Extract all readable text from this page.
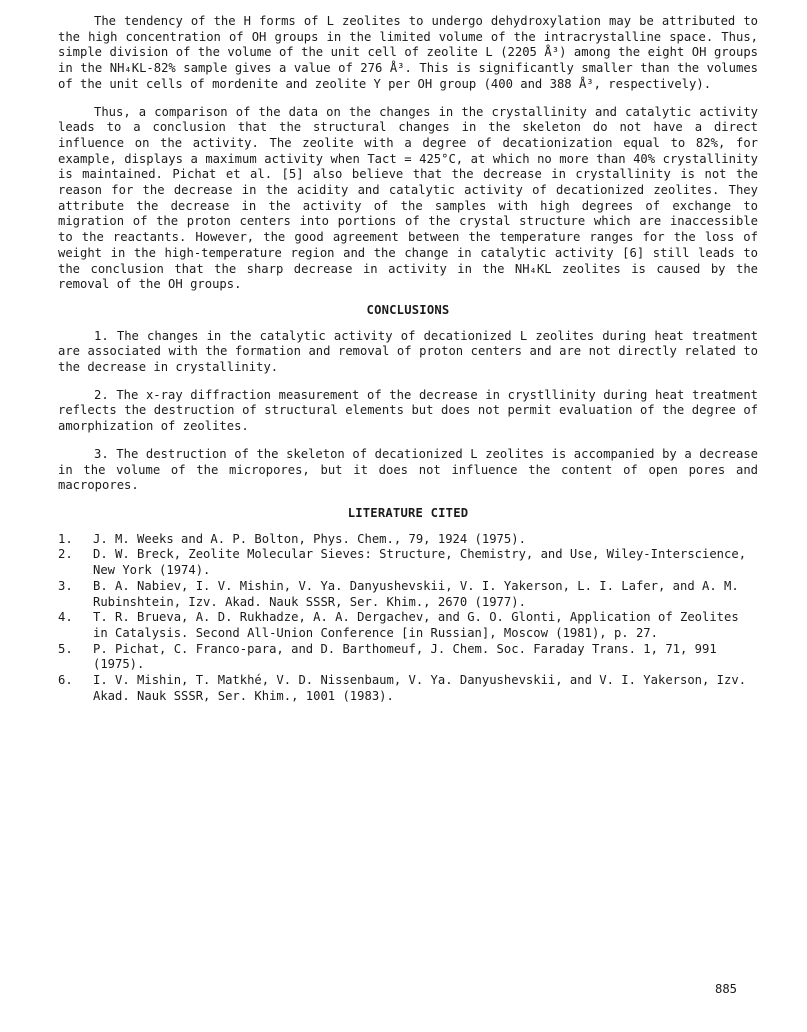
The tendency of the H forms of L zeolites to undergo dehydroxylation may be attributed to the high concentration of OH groups in the limited volume of the intracrystalline space. Thus, simple division of the volume of the unit cell of zeolite L (2205 Å³) among the eight OH groups in the NH₄KL-82% sample gives a value of 276 Å³. This is significantly smaller than the volumes of the unit cells of mordenite and zeolite Y per OH group (400 and 388 Å³, respectively).

Thus, a comparison of the data on the changes in the crystallinity and catalytic activity leads to a conclusion that the structural changes in the skeleton do not have a direct influence on the activity. The zeolite with a degree of decationization equal to 82%, for example, displays a maximum activity when Tact = 425°C, at which no more than 40% crystallinity is maintained. Pichat et al. [5] also believe that the decrease in crystallinity is not the reason for the decrease in the acidity and catalytic activity of decationized zeolites. They attribute the decrease in the activity of the samples with high degrees of exchange to migration of the proton centers into portions of the crystal structure which are inaccessible to the reactants. However, the good agreement between the temperature ranges for the loss of weight in the high-temperature region and the change in catalytic activity [6] still leads to the conclusion that the sharp decrease in activity in the NH₄KL zeolites is caused by the removal of the OH groups.

CONCLUSIONS

1. The changes in the catalytic activity of decationized L zeolites during heat treatment are associated with the formation and removal of proton centers and are not directly related to the decrease in crystallinity.

2. The x-ray diffraction measurement of the decrease in crystllinity during heat treatment reflects the destruction of structural elements but does not permit evaluation of the degree of amorphization of zeolites.

3. The destruction of the skeleton of decationized L zeolites is accompanied by a decrease in the volume of the micropores, but it does not influence the content of open pores and macropores.

LITERATURE CITED
1. J. M. Weeks and A. P. Bolton, Phys. Chem., 79, 1924 (1975).
2. D. W. Breck, Zeolite Molecular Sieves: Structure, Chemistry, and Use, Wiley-Interscience, New York (1974).
3. B. A. Nabiev, I. V. Mishin, V. Ya. Danyushevskii, V. I. Yakerson, L. I. Lafer, and A. M. Rubinshtein, Izv. Akad. Nauk SSSR, Ser. Khim., 2670 (1977).
4. T. R. Brueva, A. D. Rukhadze, A. A. Dergachev, and G. O. Glonti, Application of Zeolites in Catalysis. Second All-Union Conference [in Russian], Moscow (1981), p. 27.
5. P. Pichat, C. Franco-para, and D. Barthomeuf, J. Chem. Soc. Faraday Trans. 1, 71, 991 (1975).
6. I. V. Mishin, T. Matkhé, V. D. Nissenbaum, V. Ya. Danyushevskii, and V. I. Yakerson, Izv. Akad. Nauk SSSR, Ser. Khim., 1001 (1983).
885
